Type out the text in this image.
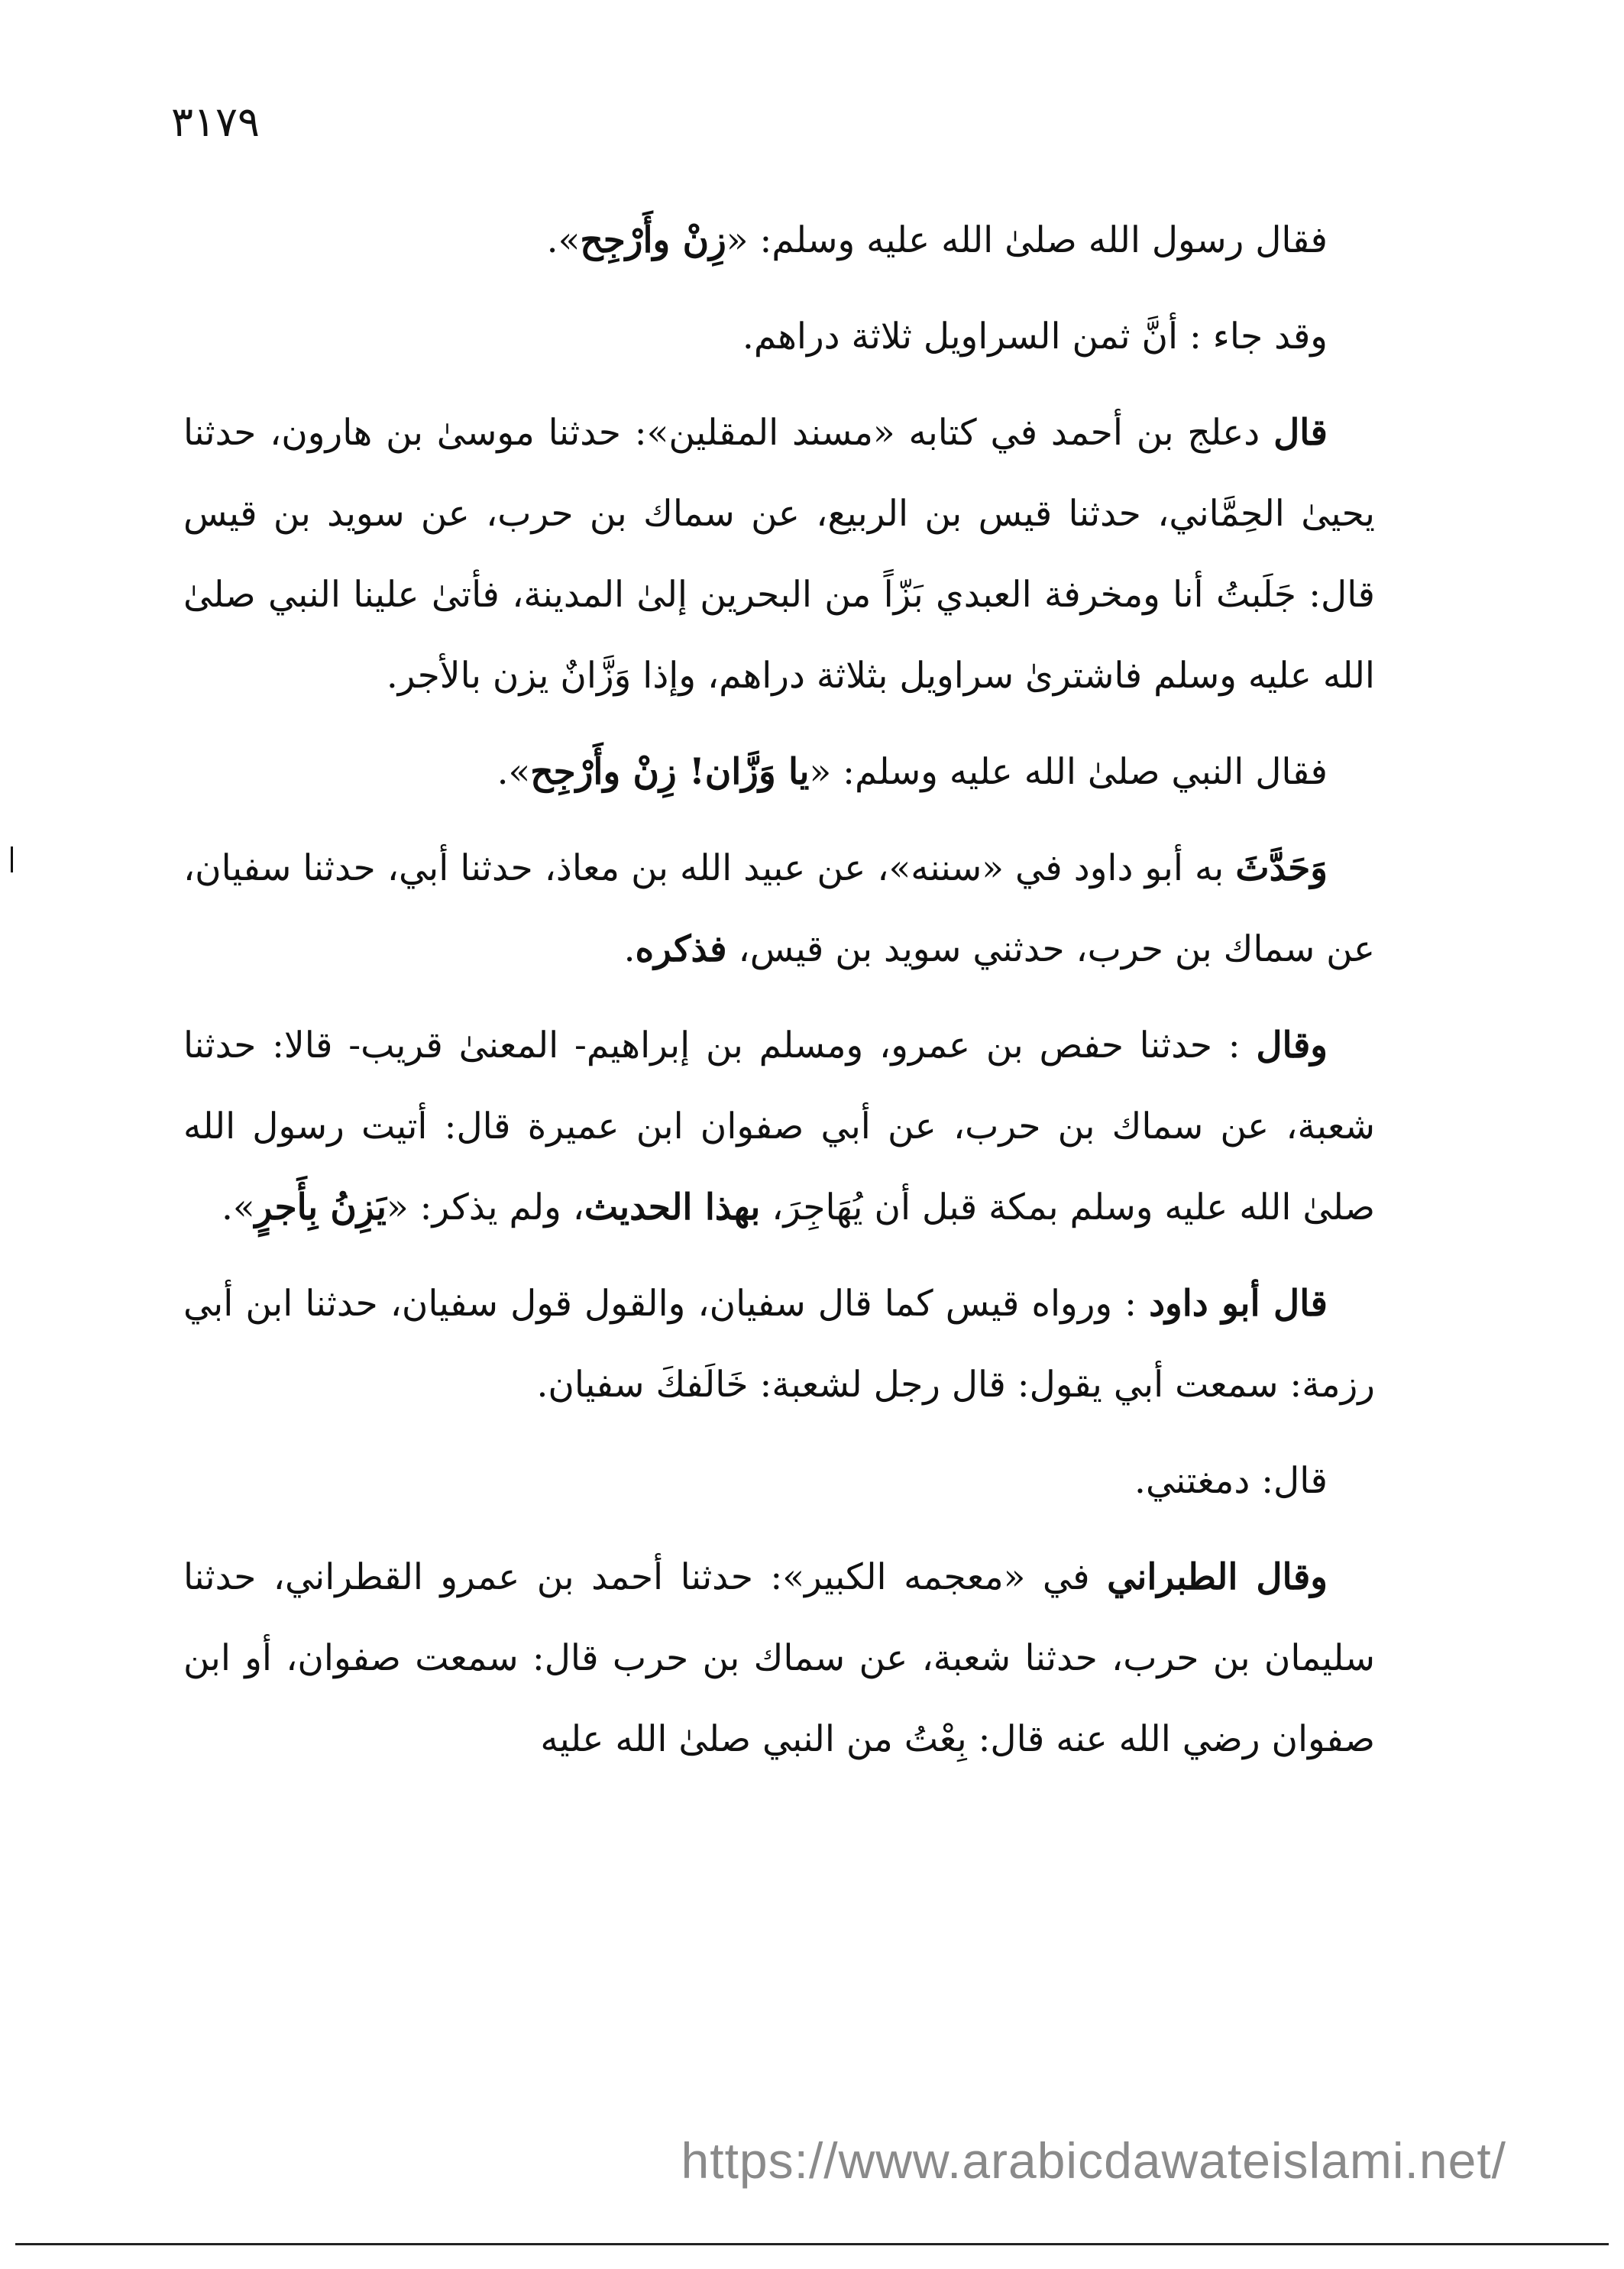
٣١٧٩

فقال رسول الله صلىٰ الله عليه وسلم: «زِنْ وأَرْجِح».

وقد جاء : أنَّ ثمن السراويل ثلاثة دراهم.

قال دعلج بن أحمد في كتابه «مسند المقلين»: حدثنا موسىٰ بن هارون، حدثنا يحيىٰ الحِمَّاني، حدثنا قيس بن الربيع، عن سماك بن حرب، عن سويد بن قيس قال: جَلَبتُ أنا ومخرفة العبدي بَزّاً من البحرين إلىٰ المدينة، فأتىٰ علينا النبي صلىٰ الله عليه وسلم فاشترىٰ سراويل بثلاثة دراهم، وإذا وَزَّانٌ يزن بالأجر.

فقال النبي صلىٰ الله عليه وسلم: «يا وَزَّان! زِنْ وأَرْجِح».

وَحَدَّثَ به أبو داود في «سننه»، عن عبيد الله بن معاذ، حدثنا أبي، حدثنا سفيان، عن سماك بن حرب، حدثني سويد بن قيس، فذكره.

وقال : حدثنا حفص بن عمرو، ومسلم بن إبراهيم- المعنىٰ قريب- قالا: حدثنا شعبة، عن سماك بن حرب، عن أبي صفوان ابن عميرة قال: أتيت رسول الله صلىٰ الله عليه وسلم بمكة قبل أن يُهَاجِرَ، بهذا الحديث، ولم يذكر: «يَزِنُ بِأَجرٍ».

قال أبو داود : ورواه قيس كما قال سفيان، والقول قول سفيان، حدثنا ابن أبي رزمة: سمعت أبي يقول: قال رجل لشعبة: خَالَفكَ سفيان.

قال: دمغتني.

وقال الطبراني في «معجمه الكبير»: حدثنا أحمد بن عمرو القطراني، حدثنا سليمان بن حرب، حدثنا شعبة، عن سماك بن حرب قال: سمعت صفوان، أو ابن صفوان رضي الله عنه قال: بِعْتُ من النبي صلىٰ الله عليه

https://www.arabicdawateislami.net/
